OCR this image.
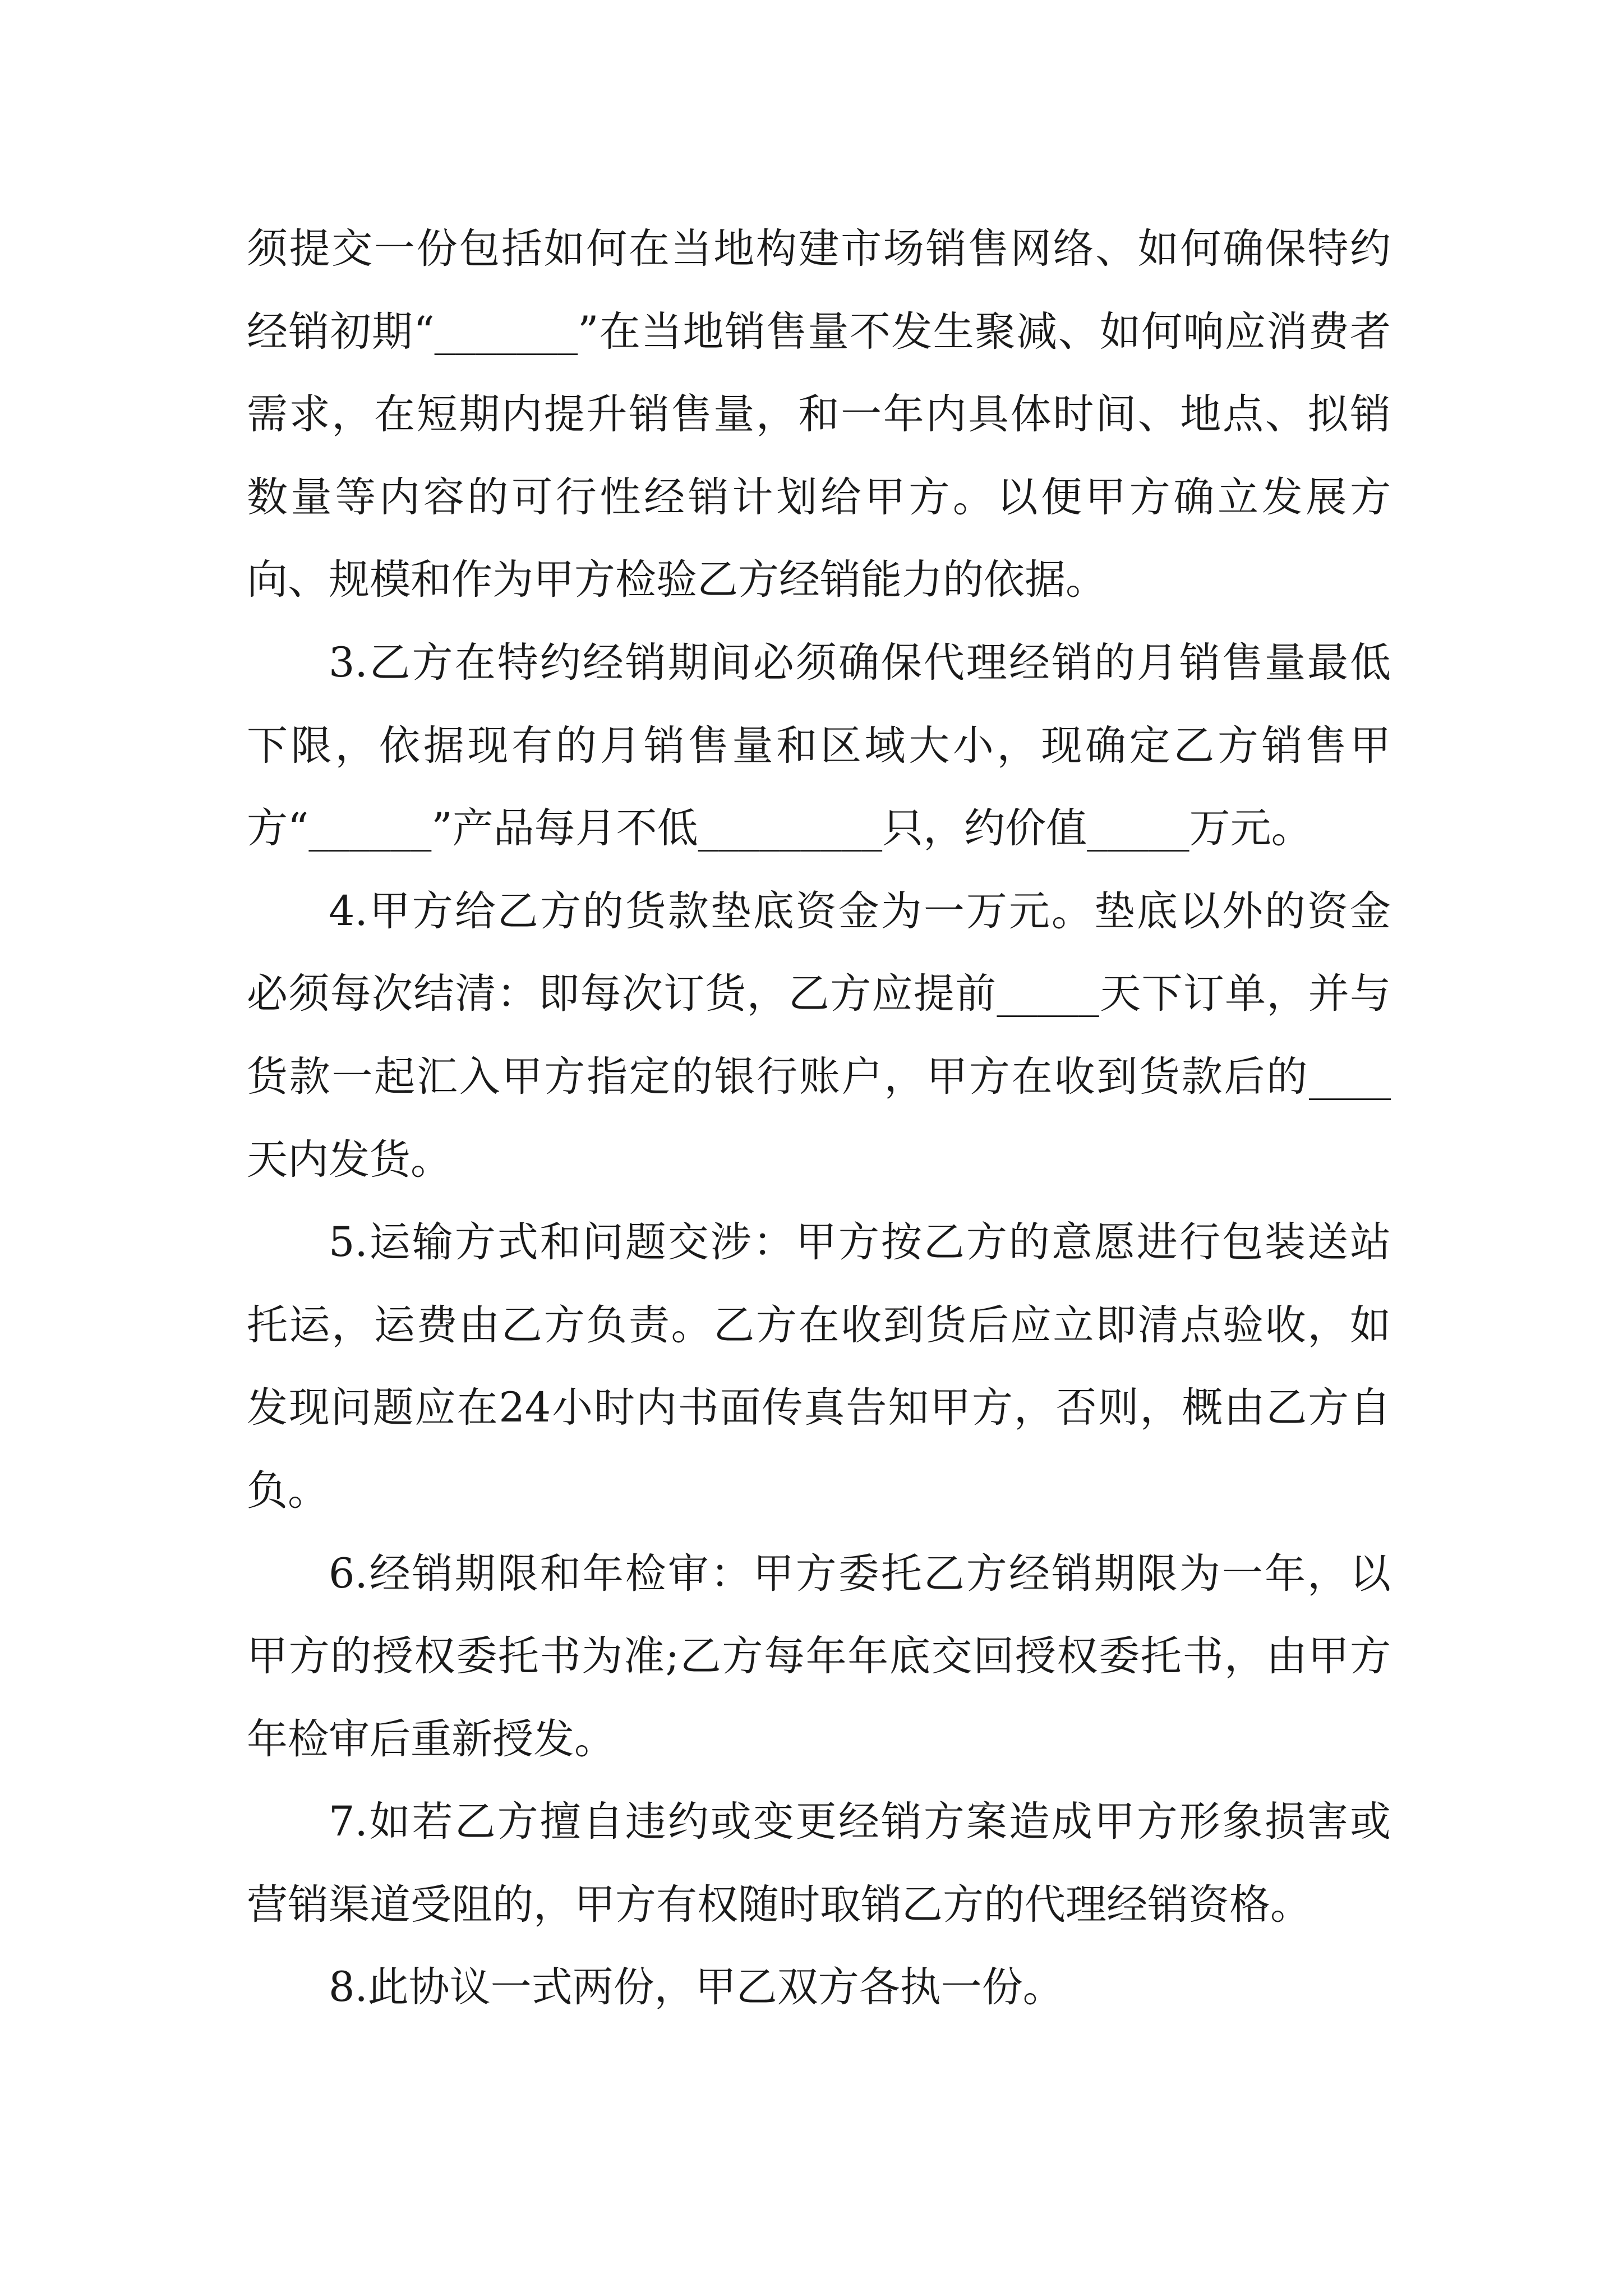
须提交一份包括如何在当地构建市场销售网络、如何确保特约经销初期“_______”在当地销售量不发生聚减、如何响应消费者需求，在短期内提升销售量，和一年内具体时间、地点、拟销数量等内容的可行性经销计划给甲方。以便甲方确立发展方向、规模和作为甲方检验乙方经销能力的依据。

3.乙方在特约经销期间必须确保代理经销的月销售量最低下限，依据现有的月销售量和区域大小，现确定乙方销售甲方“______”产品每月不低_________只，约价值_____万元。

4.甲方给乙方的货款垫底资金为一万元。垫底以外的资金必须每次结清：即每次订货，乙方应提前_____天下订单，并与货款一起汇入甲方指定的银行账户，甲方在收到货款后的____天内发货。

5.运输方式和问题交涉：甲方按乙方的意愿进行包装送站托运，运费由乙方负责。乙方在收到货后应立即清点验收，如发现问题应在24小时内书面传真告知甲方，否则，概由乙方自负。

6.经销期限和年检审：甲方委托乙方经销期限为一年，以甲方的授权委托书为准;乙方每年年底交回授权委托书，由甲方年检审后重新授发。

7.如若乙方擅自违约或变更经销方案造成甲方形象损害或营销渠道受阻的，甲方有权随时取销乙方的代理经销资格。

8.此协议一式两份，甲乙双方各执一份。
